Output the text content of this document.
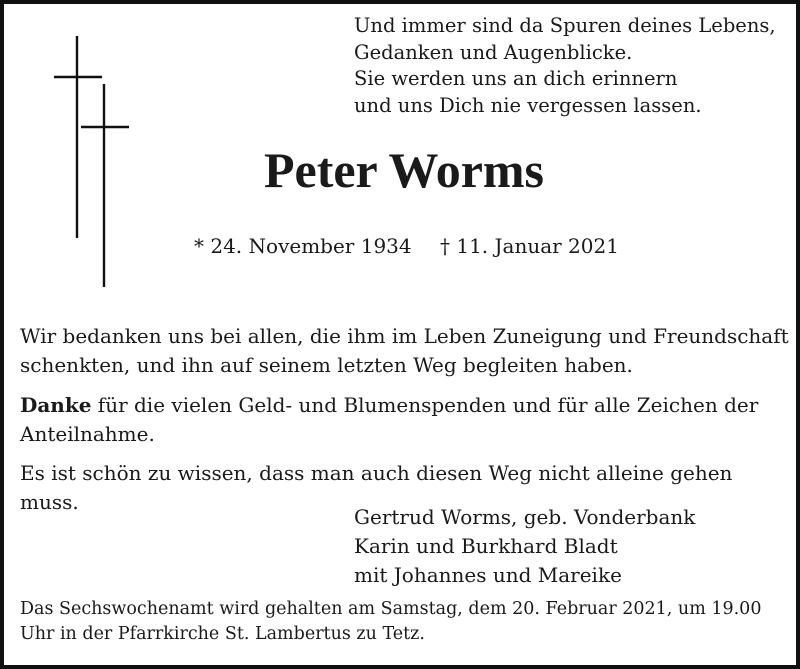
Und immer sind da Spuren deines Lebens,
Gedanken und Augenblicke.
Sie werden uns an dich erinnern
und uns Dich nie vergessen lassen.

Peter Worms
* 24. November 1934 † 11. Januar 2021

Wir bedanken uns bei allen, die ihm im Leben Zuneigung und Freundschaft schenkten, und ihn auf seinem letzten Weg begleiten haben.

Danke für die vielen Geld- und Blumenspenden und für alle Zeichen der Anteilnahme.

Es ist schön zu wissen, dass man auch diesen Weg nicht alleine gehen muss.

Gertrud Worms, geb. Vonderbank
Karin und Burkhard Bladt
mit Johannes und Mareike

Das Sechswochenamt wird gehalten am Samstag, dem 20. Februar 2021, um 19.00 Uhr in der Pfarrkirche St. Lambertus zu Tetz.
